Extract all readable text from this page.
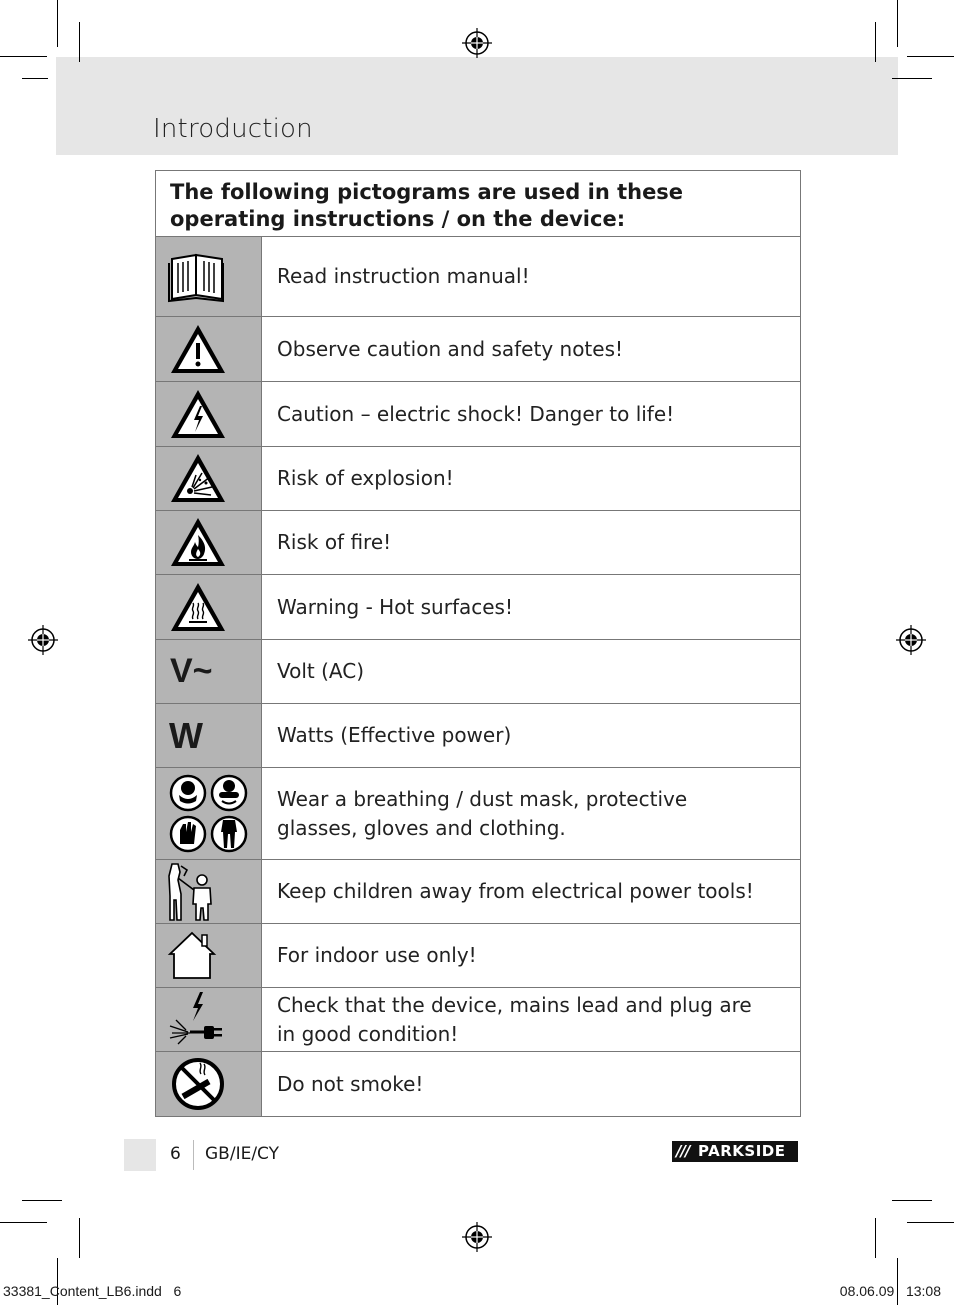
Introduction
The following pictograms are used in these operating instructions / on the device:	

	Read instruction manual!

	Observe caution and safety notes!

	Caution – electric shock! Danger to life!

	Risk of explosion!

	Risk of fire!

	Warning - Hot surfaces!

V~	Volt (AC)

W	Watts (Effective power)

	Wear a breathing / dust mask, protective glasses, gloves and clothing.

	Keep children away from electrical power tools!

	For indoor use only!

	Check that the device, mains lead and plug are in good condition!

	Do not smoke!
6 GB/IE/CY	/// PARKSIDE
33381_Content_LB6.indd   6	08.06.09   13:08
